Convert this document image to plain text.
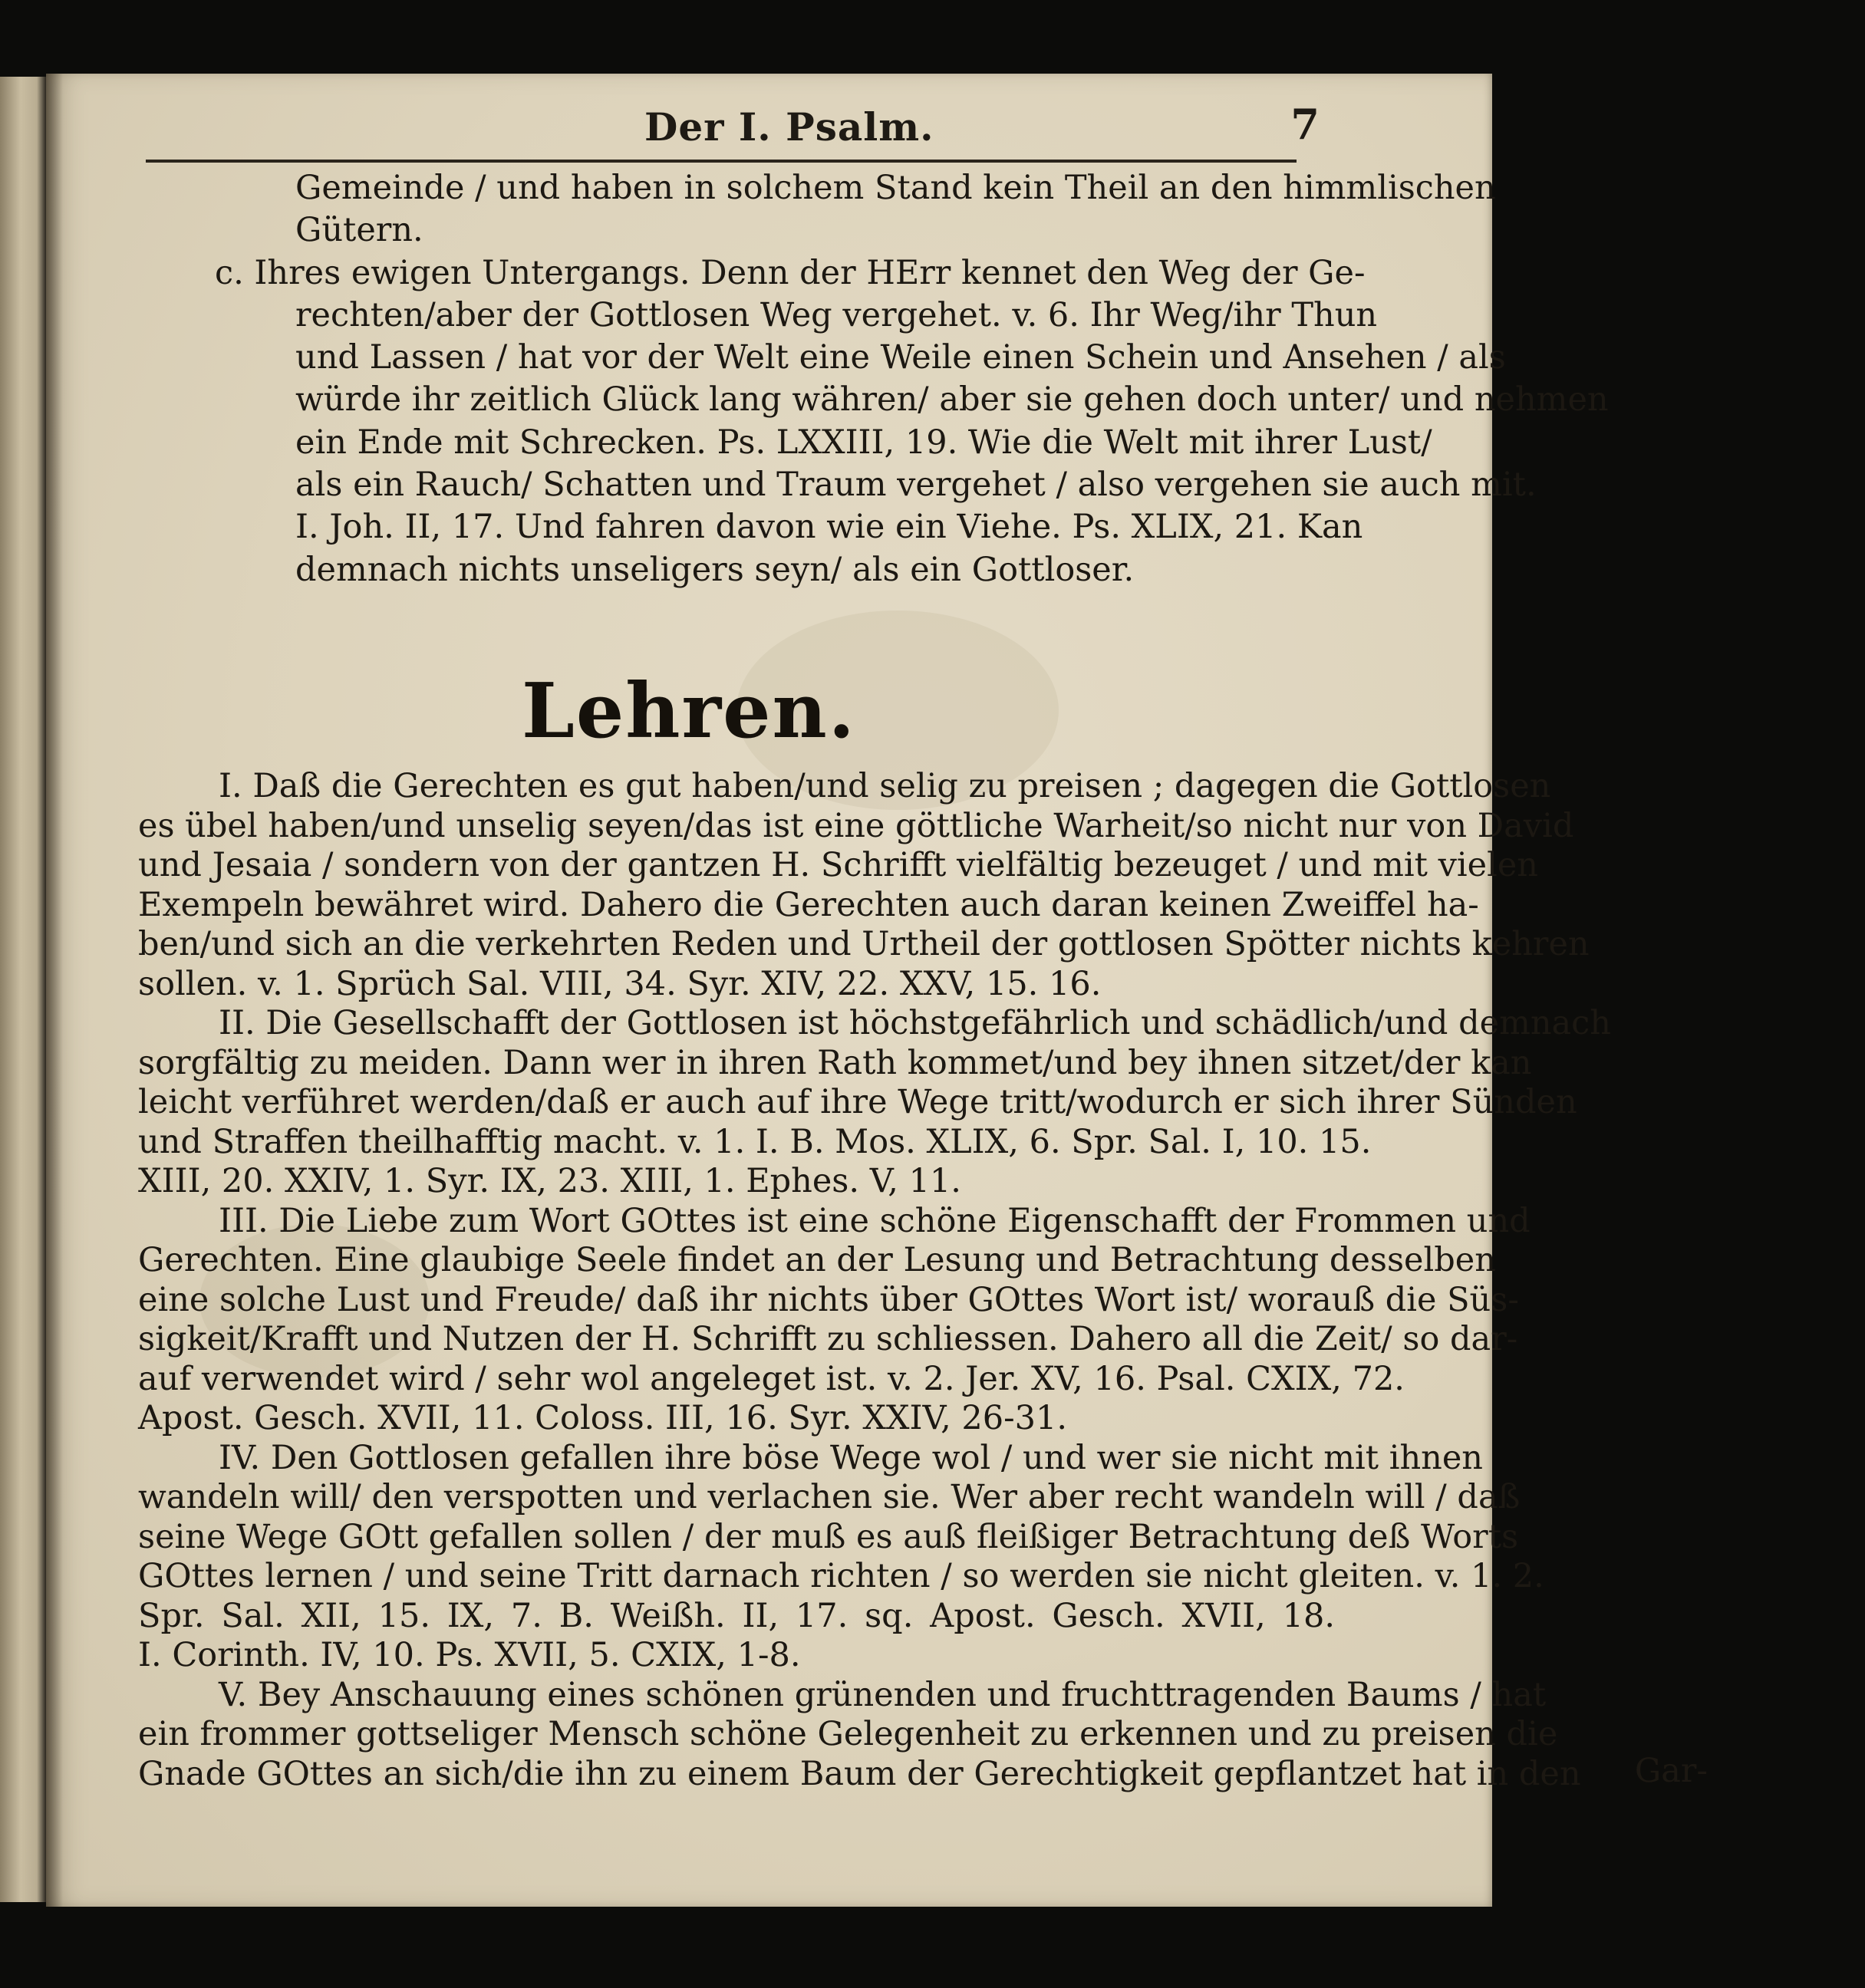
Der I. Psalm.	7
Gemeinde / und haben in solchem Stand kein Theil an den himmlischen
Gütern.
c. Ihres ewigen Untergangs. Denn der HErr kennet den Weg der Ge-
rechten/aber der Gottlosen Weg vergehet. v. 6. Ihr Weg/ihr Thun
und Lassen / hat vor der Welt eine Weile einen Schein und Ansehen / als
würde ihr zeitlich Glück lang währen/ aber sie gehen doch unter/ und nehmen
ein Ende mit Schrecken. Ps. LXXIII, 19. Wie die Welt mit ihrer Lust/
als ein Rauch/ Schatten und Traum vergehet / also vergehen sie auch mit.
I. Joh. II, 17. Und fahren davon wie ein Viehe. Ps. XLIX, 21. Kan
demnach nichts unseligers seyn/ als ein Gottloser.
Lehren.
I. Daß die Gerechten es gut haben/und selig zu preisen ; dagegen die Gottlosen
es übel haben/und unselig seyen/das ist eine göttliche Warheit/so nicht nur von David
und Jesaia / sondern von der gantzen H. Schrifft vielfältig bezeuget / und mit vielen
Exempeln bewähret wird. Dahero die Gerechten auch daran keinen Zweiffel ha-
ben/und sich an die verkehrten Reden und Urtheil der gottlosen Spötter nichts kehren
sollen. v. 1. Sprüch Sal. VIII, 34. Syr. XIV, 22. XXV, 15. 16.
II. Die Gesellschafft der Gottlosen ist höchstgefährlich und schädlich/und demnach
sorgfältig zu meiden. Dann wer in ihren Rath kommet/und bey ihnen sitzet/der kan
leicht verführet werden/daß er auch auf ihre Wege tritt/wodurch er sich ihrer Sünden
und Straffen theilhafftig macht. v. 1. I. B. Mos. XLIX, 6. Spr. Sal. I, 10. 15.
XIII, 20. XXIV, 1. Syr. IX, 23. XIII, 1. Ephes. V, 11.
III. Die Liebe zum Wort GOttes ist eine schöne Eigenschafft der Frommen und
Gerechten. Eine glaubige Seele findet an der Lesung und Betrachtung desselben
eine solche Lust und Freude/ daß ihr nichts über GOttes Wort ist/ worauß die Süs-
sigkeit/Krafft und Nutzen der H. Schrifft zu schliessen. Dahero all die Zeit/ so dar-
auf verwendet wird / sehr wol angeleget ist. v. 2. Jer. XV, 16. Psal. CXIX, 72.
Apost. Gesch. XVII, 11. Coloss. III, 16. Syr. XXIV, 26-31.
IV. Den Gottlosen gefallen ihre böse Wege wol / und wer sie nicht mit ihnen
wandeln will/ den verspotten und verlachen sie. Wer aber recht wandeln will / daß
seine Wege GOtt gefallen sollen / der muß es auß fleißiger Betrachtung deß Worts
GOttes lernen / und seine Tritt darnach richten / so werden sie nicht gleiten. v. 1. 2.
Spr. Sal. XII, 15. IX, 7. B. Weißh. II, 17. sq. Apost. Gesch. XVII, 18.
I. Corinth. IV, 10. Ps. XVII, 5. CXIX, 1-8.
V. Bey Anschauung eines schönen grünenden und fruchttragenden Baums / hat
ein frommer gottseliger Mensch schöne Gelegenheit zu erkennen und zu preisen die
Gnade GOttes an sich/die ihn zu einem Baum der Gerechtigkeit gepflantzet hat in den Gar-
